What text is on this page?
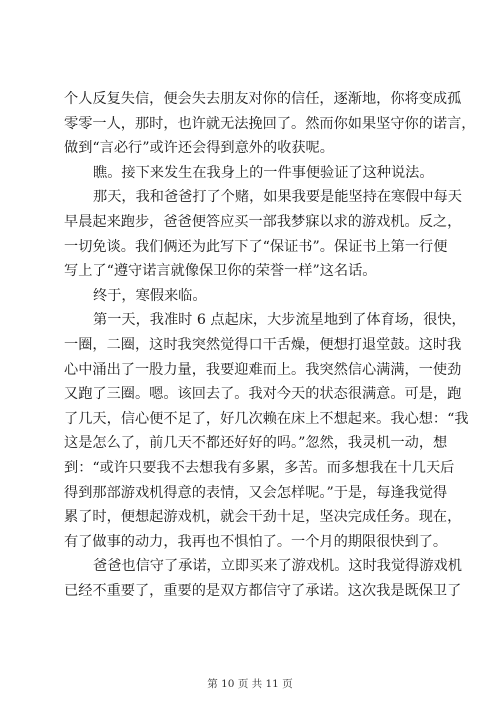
个人反复失信，便会失去朋友对你的信任，逐渐地，你将变成孤
零零一人，那时，也许就无法挽回了。然而你如果坚守你的诺言，
做到“言必行”或许还会得到意外的收获呢。
瞧。接下来发生在我身上的一件事便验证了这种说法。
那天，我和爸爸打了个赌，如果我要是能坚持在寒假中每天
早晨起来跑步，爸爸便答应买一部我梦寐以求的游戏机。反之，
一切免谈。我们俩还为此写下了“保证书”。保证书上第一行便
写上了“遵守诺言就像保卫你的荣誉一样”这名话。
终于，寒假来临。
第一天，我准时 6 点起床，大步流星地到了体育场，很快，
一圈，二圈，这时我突然觉得口干舌燥，便想打退堂鼓。这时我
心中涌出了一股力量，我要迎难而上。我突然信心满满，一使劲
又跑了三圈。嗯。该回去了。我对今天的状态很满意。可是，跑
了几天，信心便不足了，好几次赖在床上不想起来。我心想：“我
这是怎么了，前几天不都还好好的吗。”忽然，我灵机一动，想
到：“或许只要我不去想我有多累，多苦。而多想我在十几天后
得到那部游戏机得意的表情，又会怎样呢。”于是，每逢我觉得
累了时，便想起游戏机，就会干劲十足，坚决完成任务。现在，
有了做事的动力，我再也不惧怕了。一个月的期限很快到了。
爸爸也信守了承诺，立即买来了游戏机。这时我觉得游戏机
已经不重要了，重要的是双方都信守了承诺。这次我是既保卫了
第 10 页 共 11 页
